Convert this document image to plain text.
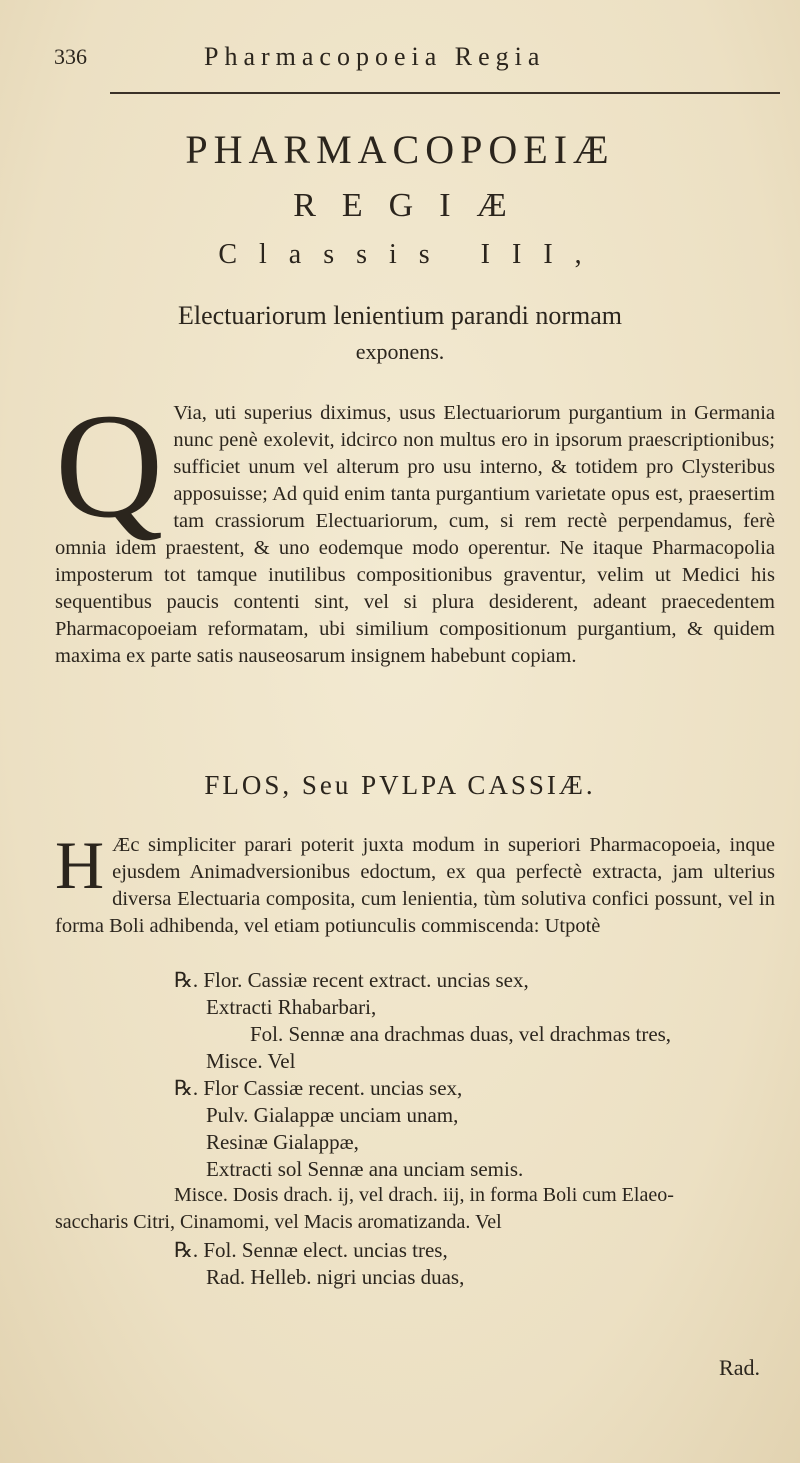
336	Pharmacopoeia Regia
PHARMACOPOEIÆ
REGIÆ
Classis III,
Electuariorum lenientium parandi normam
exponens.
Q Via, uti superius diximus, usus Electuariorum purgantium in Germania nunc penè exolevit, idcirco non multus ero in ipsorum praescriptionibus; sufficiet unum vel alterum pro usu interno, & totidem pro Clysteribus apposuisse; Ad quid enim tanta purgantium varietate opus est, praesertim tam crassiorum Electuariorum, cum, si rem rectè perpendamus, ferè omnia idem praestent, & uno eodemque modo operentur. Ne itaque Pharmacopolia imposterum tot tamque inutilibus compositionibus graventur, velim ut Medici his sequentibus paucis contenti sint, vel si plura desiderent, adeant praecedentem Pharmacopoeiam reformatam, ubi similium compositionum purgantium, & quidem maxima ex parte satis nauseosarum insignem habebunt copiam.

FLOS, Seu PVLPA CASSIÆ.
H Æc simpliciter parari poterit juxta modum in superiori Pharmacopoeia, inque ejusdem Animadversionibus edoctum, ex qua perfectè extracta, jam ulterius diversa Electuaria composita, cum lenientia, tùm solutiva confici possunt, vel in forma Boli adhibenda, vel etiam potiunculis commiscenda: Utpotè

℞. Flor. Cassiæ recent extract. uncias sex,
Extracti Rhabarbari,
Fol. Sennæ ana drachmas duas, vel drachmas tres,
Misce. Vel
℞. Flor Cassiæ recent. uncias sex,
Pulv. Gialappæ unciam unam,
Resinæ Gialappæ,
Extracti sol Sennæ ana unciam semis.
Misce. Dosis drach. ij, vel drach. iij, in forma Boli cum Elaeo-
saccharis Citri, Cinamomi, vel Macis aromatizanda. Vel
℞. Fol. Sennæ elect. uncias tres,
Rad. Helleb. nigri uncias duas,
Rad.
